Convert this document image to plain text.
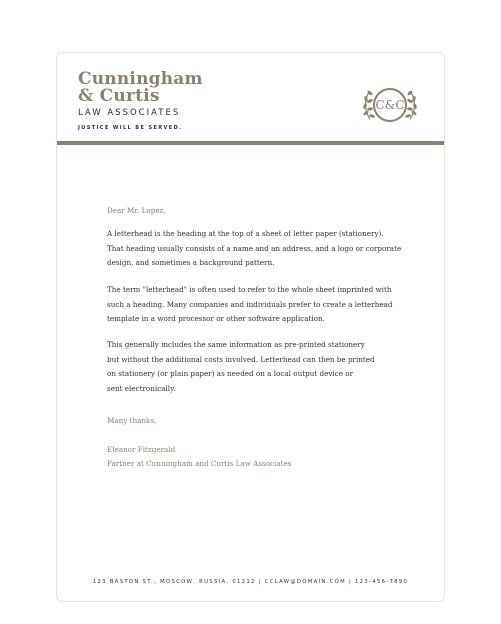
Cunningham
& Curtis
LAW ASSOCIATES
JUSTICE WILL BE SERVED.
C&C
Dear Mr. Lopez,
A letterhead is the heading at the top of a sheet of letter paper (stationery).
That heading usually consists of a name and an address, and a logo or corporate
design, and sometimes a background pattern.
The term "letterhead" is often used to refer to the whole sheet imprinted with
such a heading. Many companies and individuals prefer to create a letterhead
template in a word processor or other software application.
This generally includes the same information as pre-printed stationery
but without the additional costs involved. Letterhead can then be printed
on stationery (or plain paper) as needed on a local output device or
sent electronically.
Many thanks,
Eleanor Fitzgerald
Partner at Cunningham and Curtis Law Associates
123 BASTON ST., MOSCOW, RUSSIA, 01212 | CCLAW@DOMAIN.COM | 123-456-7890
